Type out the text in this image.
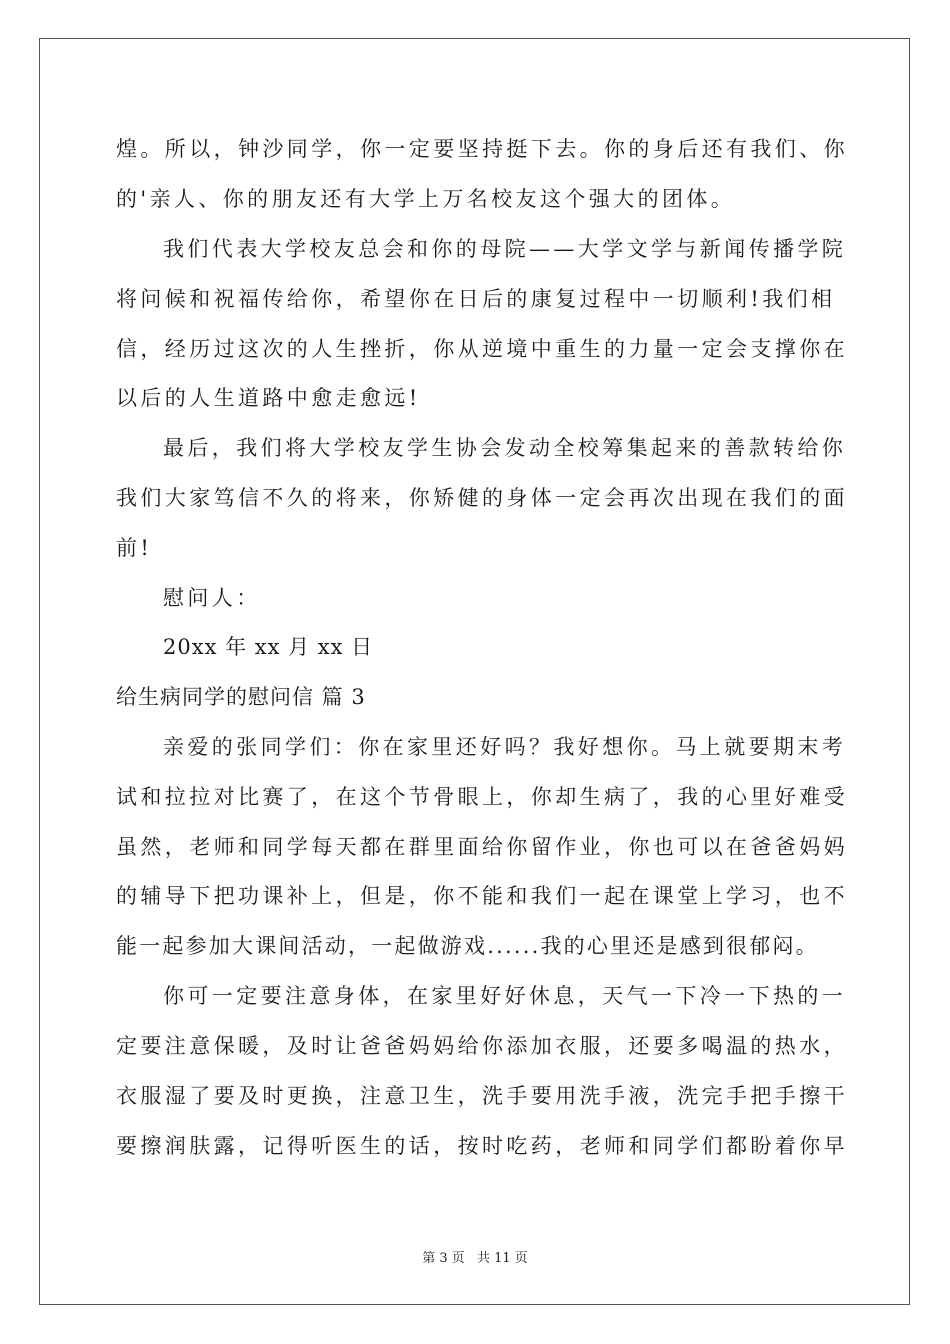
煌。所以，钟沙同学，你一定要坚持挺下去。你的身后还有我们、你
的'亲人、你的朋友还有大学上万名校友这个强大的团体。
我们代表大学校友总会和你的母院——大学文学与新闻传播学院
将问候和祝福传给你，希望你在日后的康复过程中一切顺利!我们相
信，经历过这次的人生挫折，你从逆境中重生的力量一定会支撑你在
以后的人生道路中愈走愈远!
最后，我们将大学校友学生协会发动全校筹集起来的善款转给你
我们大家笃信不久的将来，你矫健的身体一定会再次出现在我们的面
前!
慰问人：
20xx 年 xx 月 xx 日
给生病同学的慰问信 篇 3
亲爱的张同学们：你在家里还好吗？我好想你。马上就要期末考
试和拉拉对比赛了，在这个节骨眼上，你却生病了，我的心里好难受
虽然，老师和同学每天都在群里面给你留作业，你也可以在爸爸妈妈
的辅导下把功课补上，但是，你不能和我们一起在课堂上学习，也不
能一起参加大课间活动，一起做游戏......我的心里还是感到很郁闷。
你可一定要注意身体，在家里好好休息，天气一下冷一下热的一
定要注意保暖，及时让爸爸妈妈给你添加衣服，还要多喝温的热水，
衣服湿了要及时更换，注意卫生，洗手要用洗手液，洗完手把手擦干
要擦润肤露，记得听医生的话，按时吃药，老师和同学们都盼着你早
第 3 页 共 11 页
